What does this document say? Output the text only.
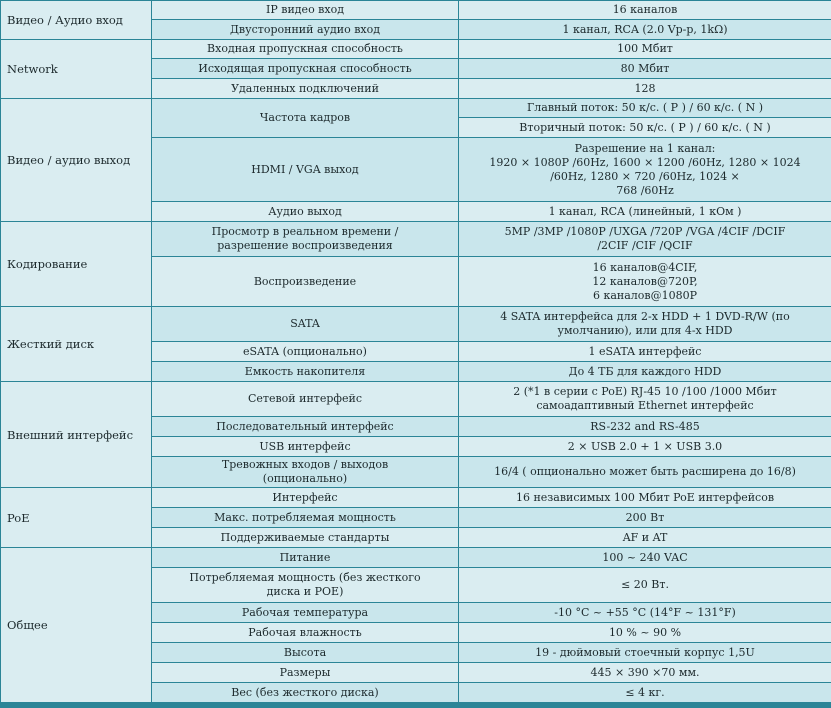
Видео / Аудио вход	IP видео вход	16 каналов

	Двусторонний аудио вход	1 канал, RCA (2.0 Vp-p, 1kΩ)

Network	Входная пропускная способность	100 Мбит

	Исходящая пропускная способность	80 Мбит

	Удаленных подключений	128

Видео / аудио выход	Частота кадров	Главный поток: 50 к/с. ( P ) / 60 к/с. ( N )

		Вторичный поток: 50 к/с. ( P ) / 60 к/с. ( N )

	HDMI / VGA выход	Разрешение на 1 канал:
1920 × 1080P /60Hz, 1600 × 1200 /60Hz, 1280 × 1024
/60Hz, 1280 × 720 /60Hz, 1024 ×
768 /60Hz

	Аудио выход	1 канал, RCA (линейный, 1 кОм )

Кодирование	Просмотр в реальном времени /
разрешение воспроизведения	5MP /3MP /1080P /UXGA /720P /VGA /4CIF /DCIF
/2CIF /CIF /QCIF

	Воспроизведение	16 каналов@4CIF,
12 каналов@720P,
6 каналов@1080P

Жесткий диск	SATA	4 SATA интерфейса для 2-х HDD + 1 DVD-R/W (по
умолчанию), или для 4-х HDD

	eSATA (опционально)	1 eSATA интерфейс

	Емкость накопителя	До 4 ТБ для каждого HDD

Внешний интерфейс	Сетевой интерфейс	2 (*1 в серии с PoE) RJ-45 10 /100 /1000 Мбит
самоадаптивный Ethernet интерфейс

	Последовательный интерфейс	RS-232 and RS-485

	USB интерфейс	2 × USB 2.0 + 1 × USB 3.0

	Тревожных входов / выходов
(опционально)	16/4 ( опционально может быть расширена до 16/8)

PoE	Интерфейс	16 независимых 100 Мбит PoE интерфейсов

	Макс. потребляемая мощность	200 Вт

	Поддерживаемые стандарты	AF и AT

Общее	Питание	100 ~ 240 VAC

	Потребляемая мощность (без жесткого
диска и POE)	≤ 20 Вт.

	Рабочая температура	-10 °C ~ +55 °C (14°F ~ 131°F)

	Рабочая влажность	10 % ~ 90 %

	Высота	19 - дюймовый стоечный корпус 1,5U

	Размеры	445 × 390 ×70 мм.

	Вес (без жесткого диска)	≤ 4 кг.
